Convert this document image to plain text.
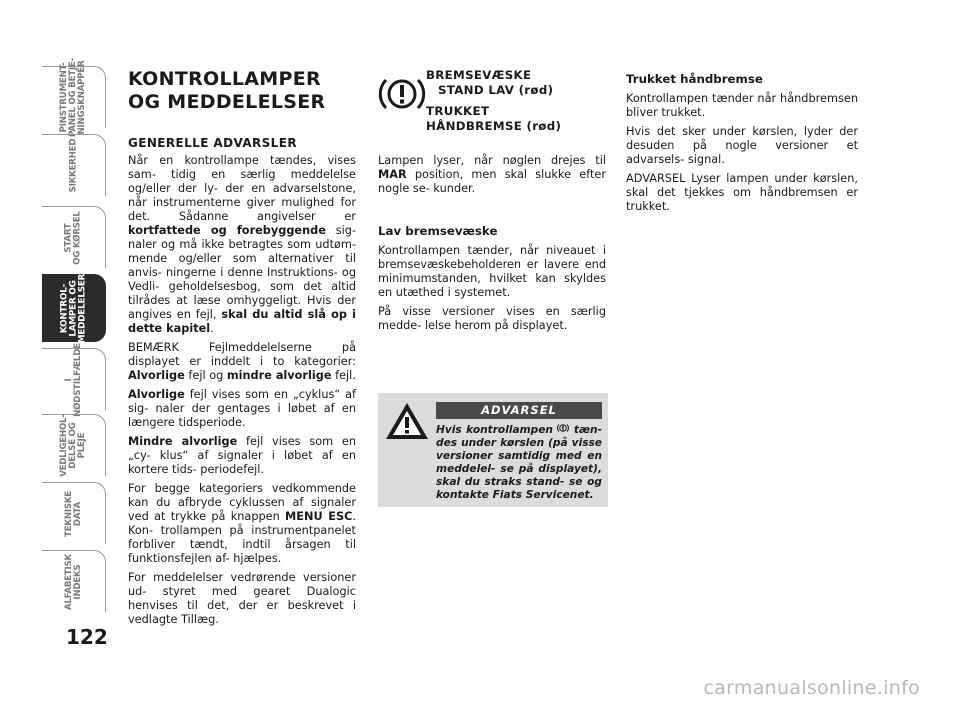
PINSTRUMENT-
PANEL OG BETJE-
NINGSKNAPPER
SIKKERHED
START
OG KØRSEL
KONTROL-
LAMPER OG
MEDDELELSER
I
NØDSTILFÆLDE
VEDLIGEHOL-
DELSE OG
PLEJE
TEKNISKE
DATA
ALFABETISK
INDEKS
122
KONTROLLAMPER
OG MEDDELELSER
GENERELLE ADVARSLER

Når en kontrollampe tændes, vises sam- tidig en særlig meddelelse og/eller der ly- der en advarselstone, når instrumenterne giver mulighed for det. Sådanne angivelser er kortfattede og forebyggende sig- naler og må ikke betragtes som udtøm- mende og/eller som alternativer til anvis- ningerne i denne Instruktions- og Vedli- geholdelsesbog, som det altid tilrådes at læse omhyggeligt. Hvis der angives en fejl, skal du altid slå op i dette kapitel.

BEMÆRK Fejlmeddelelserne på displayet er inddelt i to kategorier: Alvorlige fejl og mindre alvorlige fejl.

Alvorlige fejl vises som en „cyklus“ af sig- naler der gentages i løbet af en længere tidsperiode.

Mindre alvorlige fejl vises som en „cy- klus“ af signaler i løbet af en kortere tids- periodefejl.

For begge kategoriers vedkommende kan du afbryde cyklussen af signaler ved at trykke på knappen MENU ESC. Kon- trollampen på instrumentpanelet forbliver tændt, indtil årsagen til funktionsfejlen af- hjælpes.

For meddelelser vedrørende versioner ud- styret med gearet Dualogic henvises til det, der er beskrevet i vedlagte Tillæg.

BREMSEVÆSKE
STAND LAV (rød)
TRUKKET
HÅNDBREMSE (rød)

Lampen lyser, når nøglen drejes til MAR position, men skal slukke efter nogle se- kunder.

Lav bremsevæske

Kontrollampen tænder, når niveauet i bremsevæskebeholderen er lavere end minimumstanden, hvilket kan skyldes en utæthed i systemet.

På visse versioner vises en særlig medde- lelse herom på displayet.

ADVARSEL
Hvis kontrollampen tæn- des under kørslen (på visse versioner samtidig med en meddelel- se på displayet), skal du straks stand- se og kontakte Fiats Servicenet.
Trukket håndbremse

Kontrollampen tænder når håndbremsen bliver trukket.

Hvis det sker under kørslen, lyder der desuden på nogle versioner et advarsels- signal.

ADVARSEL Lyser lampen under kørslen, skal det tjekkes om håndbremsen er trukket.

carmanualsonline.info
